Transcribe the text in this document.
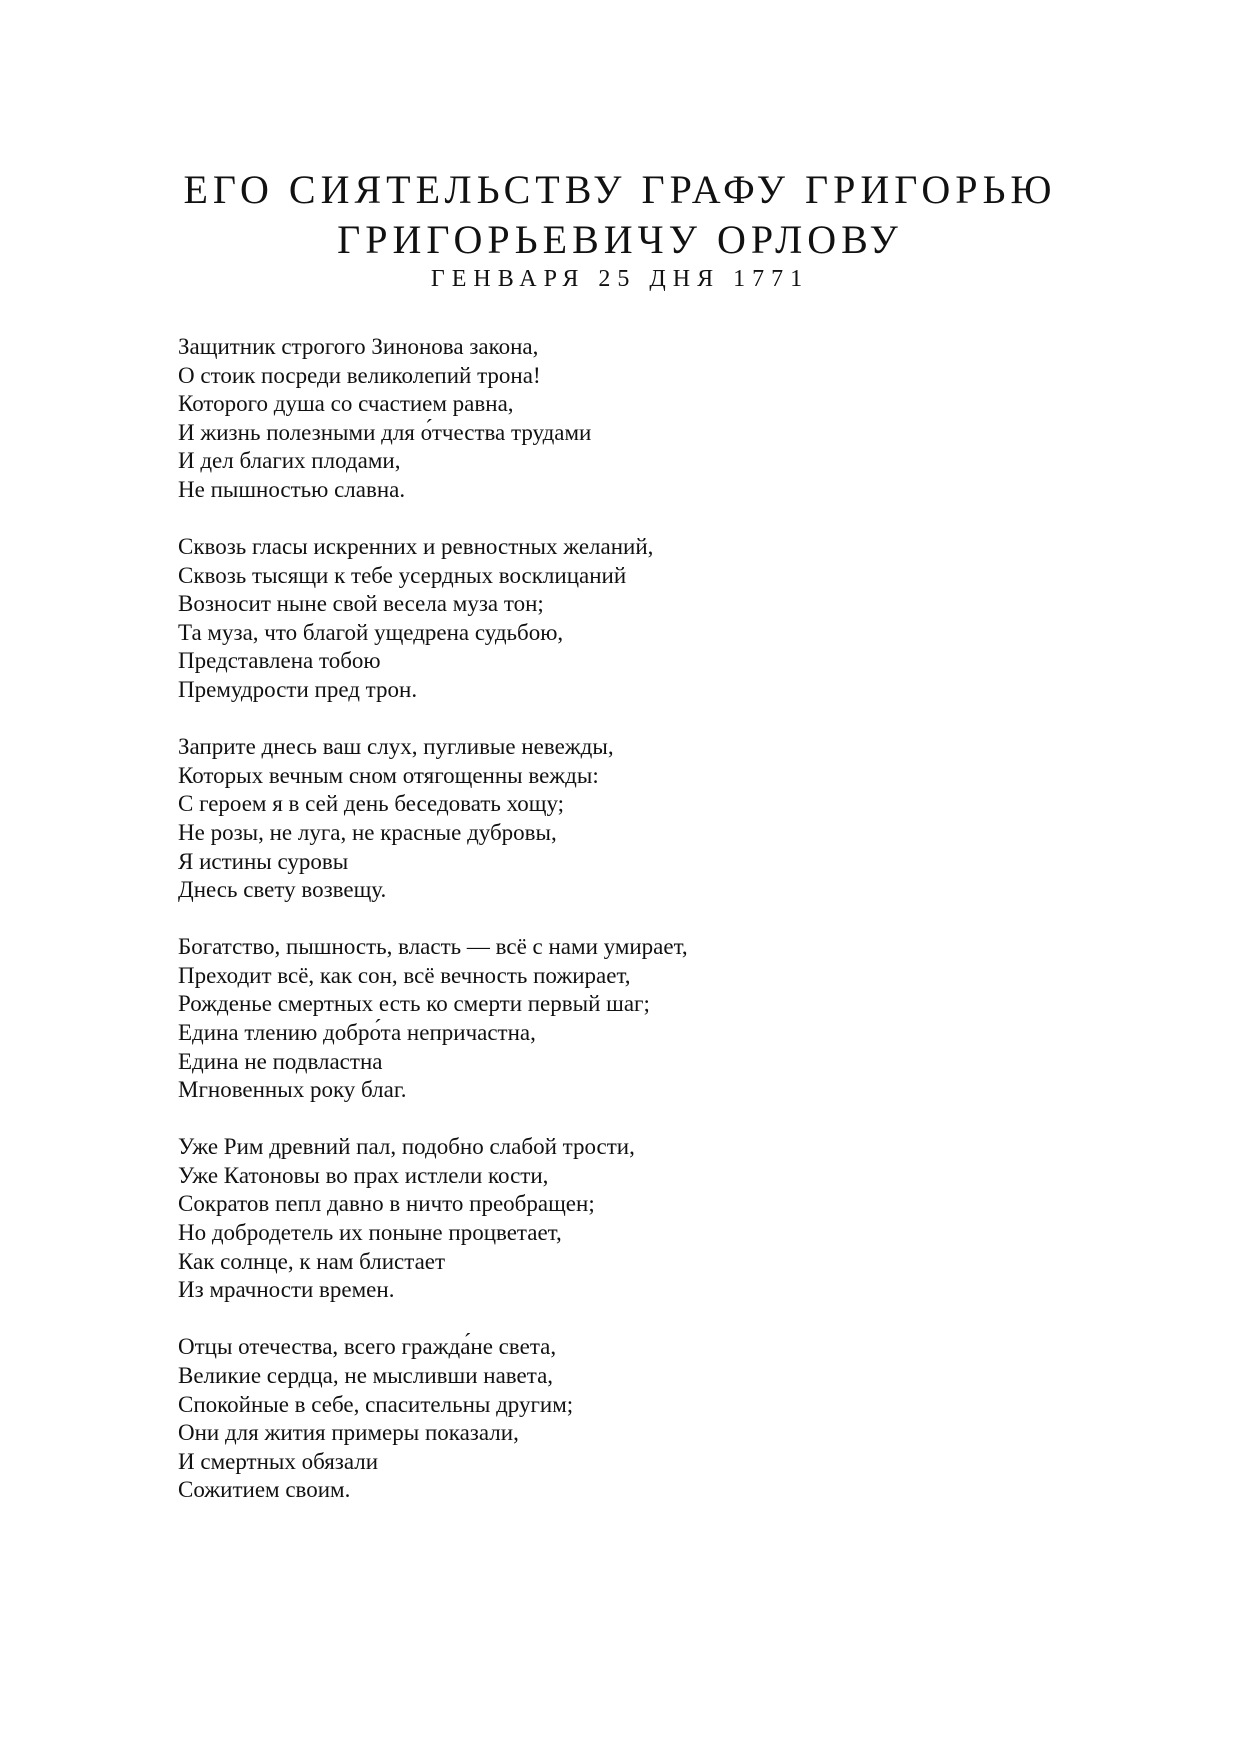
ЕГО СИЯТЕЛЬСТВУ ГРАФУ ГРИГОРЬЮ
ГРИГОРЬЕВИЧУ ОРЛОВУ

ГЕНВАРЯ 25 ДНЯ 1771

Защитник строгого Зинонова закона,
О стоик посреди великолепий трона!
Которого душа со счастием равна,
И жизнь полезными для о́тчества трудами
И дел благих плодами,
Не пышностью славна.
Сквозь гласы искренних и ревностных желаний,
Сквозь тысящи к тебе усердных восклицаний
Возносит ныне свой весела муза тон;
Та муза, что благой ущедрена судьбою,
Представлена тобою
Премудрости пред трон.
Заприте днесь ваш слух, пугливые невежды,
Которых вечным сном отягощенны вежды:
С героем я в сей день беседовать хощу;
Не розы, не луга, не красные дубровы,
Я истины суровы
Днесь свету возвещу.
Богатство, пышность, власть — всё с нами умирает,
Преходит всё, как сон, всё вечность пожирает,
Рожденье смертных есть ко смерти первый шаг;
Едина тлению добро́та непричастна,
Едина не подвластна
Мгновенных року благ.
Уже Рим древний пал, подобно слабой трости,
Уже Катоновы во прах истлели кости,
Сократов пепл давно в ничто преобращен;
Но добродетель их поныне процветает,
Как солнце, к нам блистает
Из мрачности времен.
Отцы отечества, всего гражда́не света,
Великие сердца, не мысливши навета,
Спокойные в себе, спасительны другим;
Они для жития примеры показали,
И смертных обязали
Сожитием своим.
